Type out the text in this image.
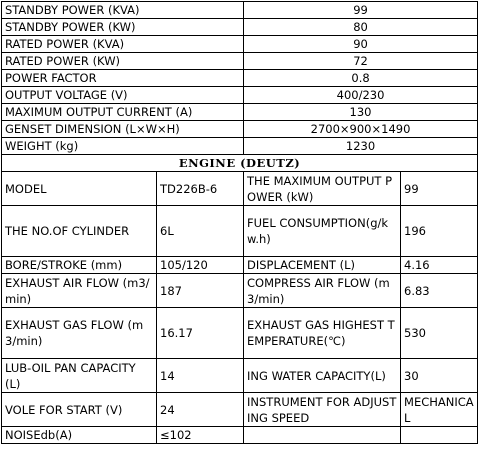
STANDBY POWER (KVA)		99	
STANDBY POWER (KW)		80	
RATED POWER (KVA)		90	
RATED POWER (KW)		72	
POWER FACTOR		0.8	
OUTPUT VOLTAGE (V)		400/230	
MAXIMUM OUTPUT CURRENT (A)		130	
GENSET DIMENSION (L×W×H)		2700×900×1490	
WEIGHT (kg)		1230	
ENGINE (DEUTZ)			
MODEL	TD226B-6	THE MAXIMUM OUTPUT POWER (kW)	99
THE NO.OF CYLINDER	6L	FUEL CONSUMPTION(g/kw.h)	196
BORE/STROKE (mm)	105/120	DISPLACEMENT (L)	4.16
EXHAUST AIR FLOW (m3/min)	187	COMPRESS AIR FLOW (m3/min)	6.83
EXHAUST GAS FLOW (m3/min)	16.17	EXHAUST GAS HIGHEST TEMPERATURE(℃)	530
LUB-OIL PAN CAPACITY (L)	14	ING WATER CAPACITY(L)	30
VOLE FOR START (V)	24	INSTRUMENT FOR ADJUSTING SPEED	MECHANICAL
NOISEdb(A)	≤102		
